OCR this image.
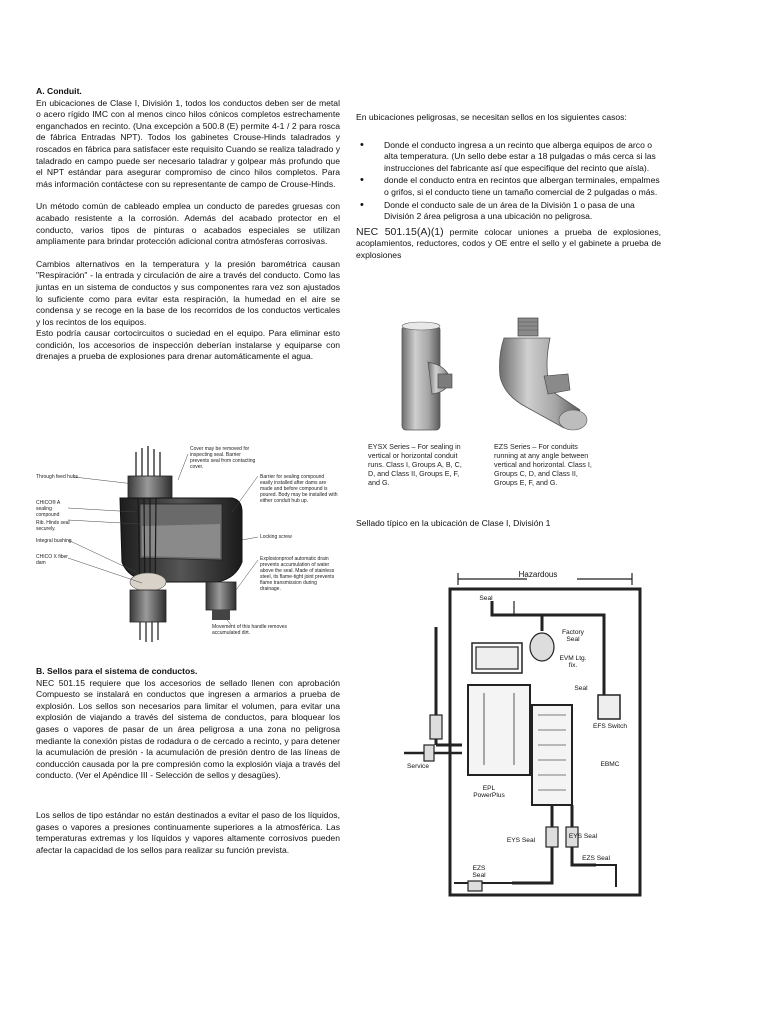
A. Conduit.

En ubicaciones de Clase I, División 1, todos los conductos deben ser de metal o acero rígido IMC con al menos cinco hilos cónicos completos estrechamente enganchados en recinto. (Una excepción a 500.8 (E) permite 4-1 / 2 para rosca de fábrica Entradas NPT). Todos los gabinetes Crouse-Hinds taladrados y roscados en fábrica para satisfacer este requisito Cuando se realiza taladrado y taladrado en campo puede ser necesario taladrar y golpear más profundo que el NPT estándar para asegurar compromiso de cinco hilos completos. Para más información contáctese con su representante de campo de Crouse-Hinds.

Un método común de cableado emplea un conducto de paredes gruesas con acabado resistente a la corrosión. Además del acabado protector en el conducto, varios tipos de pinturas o acabados especiales se utilizan ampliamente para brindar protección adicional contra atmósferas corrosivas.

Cambios alternativos en la temperatura y la presión barométrica causan "Respiración" - la entrada y circulación de aire a través del conducto. Como las juntas en un sistema de conductos y sus componentes rara vez son ajustados lo suficiente como para evitar esta respiración, la humedad en el aire se condensa y se recoge en la base de los recorridos de los conductos verticales y los recintos de los equipos.

Esto podría causar cortocircuitos o suciedad en el equipo. Para eliminar esto condición, los accesorios de inspección deberían instalarse y equiparse con drenajes a prueba de explosiones para drenar automáticamente el agua.

Through feed hubs
CHICO® A sealing compound
Rib. Hinds seal securely.
Integral bushing
CHICO X fiber dam
Cover may be removed for inspecting seal. Barrier prevents seal from contacting cover.
Barrier for sealing compound easily installed after dams are made and before compound is poured. Body may be installed with either conduit hub up.
Locking screw
Explosionproof automatic drain prevents accumulation of water above the seal. Made of stainless steel, its flame-tight joint prevents flame transmission during drainage.
Movement of this handle removes accumulated dirt.

B. Sellos para el sistema de conductos.

NEC 501.15 requiere que los accesorios de sellado llenen con aprobación Compuesto se instalará en conductos que ingresen a armarios a prueba de explosión. Los sellos son necesarios para limitar el volumen, para evitar una explosión de viajando a través del sistema de conductos, para bloquear los gases o vapores de pasar de un área peligrosa a una zona no peligrosa mediante la conexión pistas de rodadura o de cercado a recinto, y para detener la acumulación de presión - la acumulación de presión dentro de las líneas de conducción causada por la pre compresión como la explosión viaja a través del conducto. (Ver el Apéndice III - Selección de sellos y desagües).

Los sellos de tipo estándar no están destinados a evitar el paso de los líquidos, gases o vapores a presiones continuamente superiores a la atmosférica. Las temperaturas extremas y los líquidos y vapores altamente corrosivos pueden afectar la capacidad de los sellos para realizar su función prevista.

En ubicaciones peligrosas, se necesitan sellos en los siguientes casos:

• Donde el conducto ingresa a un recinto que alberga equipos de arco o alta temperatura. (Un sello debe estar a 18 pulgadas o más cerca si las instrucciones del fabricante así que especifique del recinto que aísla).
• donde el conducto entra en recintos que albergan terminales, empalmes o grifos, si el conducto tiene un tamaño comercial de 2 pulgadas o más.
• Donde el conducto sale de un área de la División 1 o pasa de una División 2 área peligrosa a una ubicación no peligrosa.

NEC 501.15(A)(1) permite colocar uniones a prueba de explosiones, acoplamientos, reductores, codos y OE entre el sello y el gabinete a prueba de explosiones

EYSX Series – For sealing in vertical or horizontal conduit runs. Class I, Groups A, B, C, D, and Class II, Groups E, F, and G.
EZS Series – For conduits running at any angle between vertical and horizontal. Class I, Groups C, D, and Class II, Groups E, F, and G.

Sellado típico en la ubicación de Clase I, División 1

Hazardous
Seal
Factory Seal
EVM Ltg. fix.
Seal
EFS Switch
EBMC
Service
EPL PowerPlus
EYS Seal
EYS Seal
EZS Seal
EZS Seal
